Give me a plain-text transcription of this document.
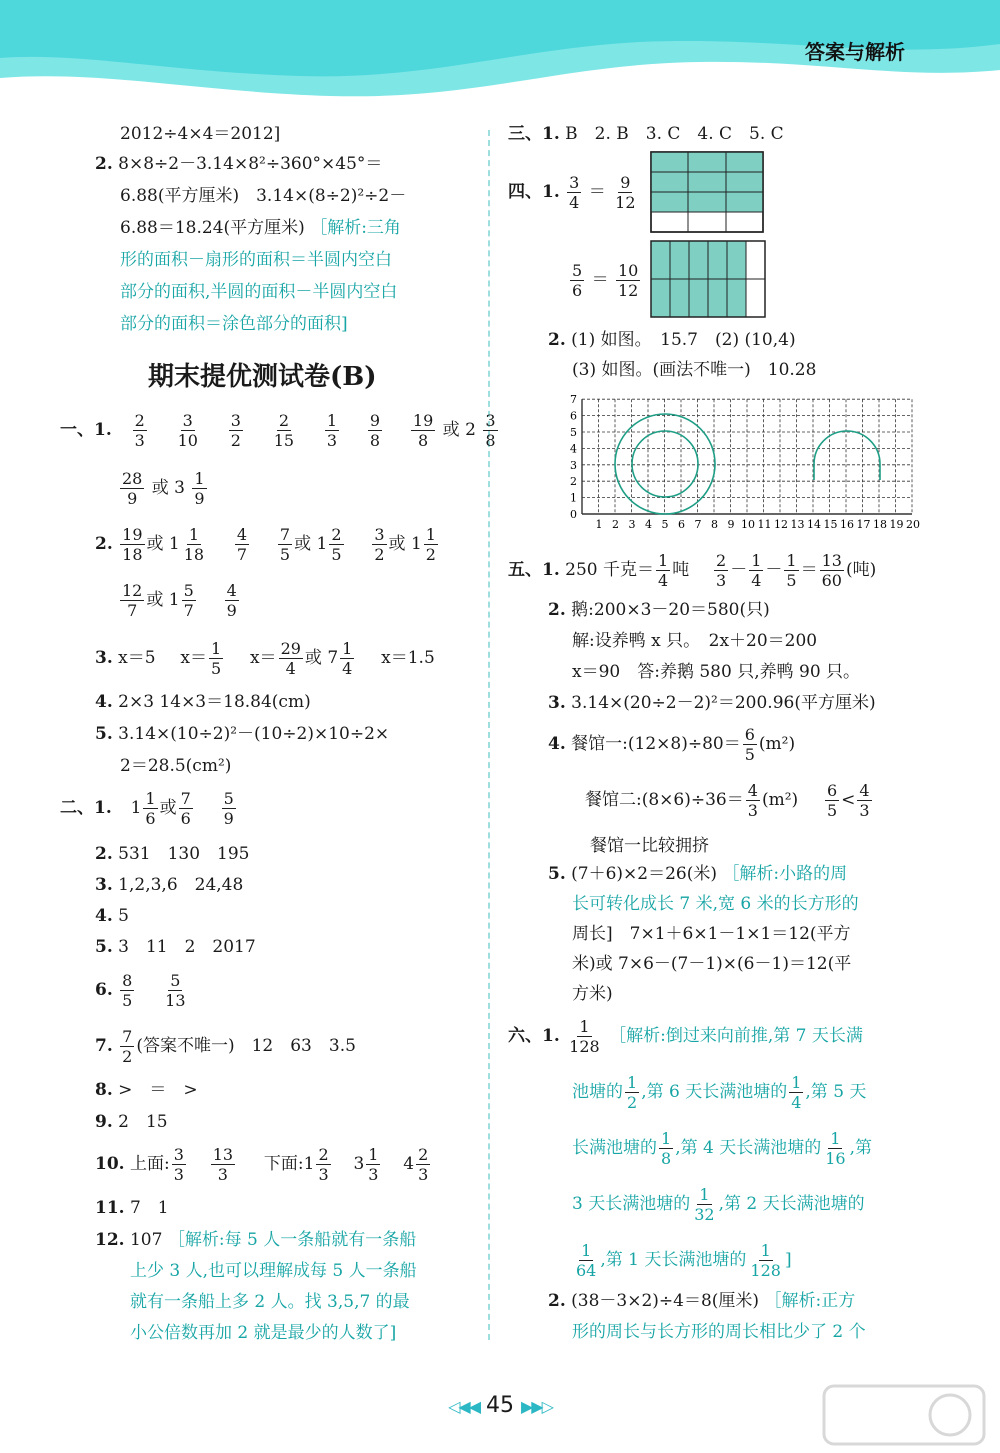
答案与解析
2012÷4×4＝2012]
2. 8×8÷2－3.14×8²÷360°×45°＝
6.88(平方厘米)　3.14×(8÷2)²÷2－
6.88＝18.24(平方厘米) ［解析:三角
形的面积－扇形的面积＝半圆内空白
部分的面积,半圆的面积－半圆内空白
部分的面积＝涂色部分的面积]
期末提优测试卷(B)
一、1. $\frac{2}{3}$
$\frac{3}{10}$
$\frac{3}{2}$
$\frac{2}{15}$
$\frac{1}{3}$
$\frac{9}{8}$
$\frac{19}{8}$ 或 $2 \frac{3}{8}$
$\frac{28}{9}$ 或 $3 \frac{1}{9}$
2. $\frac{19}{18}$ 或 $1 \frac{1}{18}$
$\frac{4}{7}$
$\frac{7}{5}$ 或 $1 \frac{2}{5}$
$\frac{3}{2}$ 或 $1 \frac{1}{2}$
$\frac{12}{7}$ 或 $1 \frac{5}{7}$
$\frac{4}{9}$
3. x＝5 $x= \frac{1}{5} x= \frac{29}{4}$ 或 $7 \frac{1}{4} x=1.5$
4. 2×3 14×3＝18.84(cm)
5. 3.14×(10÷2)²－(10÷2)×10÷2×
2＝28.5(cm²)
二、1. $1 \frac{1}{6}$ 或 $\frac{7}{6}$
$\frac{5}{9}$
2. 531　130　195
3. 1,2,3,6　24,48
4. 5
5. 3　11　2　2017
6. $\frac{8}{5}$
$\frac{5}{13}$
7. $\frac{7}{2}$ (答案不唯一)　12　63　3.5
8. >　＝　>
9. 2　15
10. 上面: $\frac{3}{3}$
$\frac{13}{3}$ 下面:1 $\frac{2}{3} 3 \frac{1}{3} 4 \frac{2}{3}$
11. 7　1
12. 107 ［解析:每 5 人一条船就有一条船
上少 3 人,也可以理解成每 5 人一条船
就有一条船上多 2 人。找 3,5,7 的最
小公倍数再加 2 就是最少的人数了]
三、1. B　2. B　3. C　4. C　5. C
四、1. $\frac{3}{4} = \frac{9}{12}$
$\frac{5}{6} = \frac{10}{12}$
2. (1) 如图。　15.7　(2) (10,4)
(3) 如图。(画法不唯一)　10.28
0
1
2
3
4
5
6
7
1 2 3 4 5 6 7 8 9 10 11 12 13 14 15 16 17 18 19 20
五、1. 250 千克＝ $\frac{1}{4}$ 吨 $\frac{2}{3} - \frac{1}{4} - \frac{1}{5} = \frac{13}{60}$ (吨)
2. 鹅:200×3－20＝580(只)
解:设养鸭 x 只。　2x＋20＝200
x＝90　答:养鹅 580 只,养鸭 90 只。
3. 3.14×(20÷2－2)²＝200.96(平方厘米)
4. 餐馆一:(12×8)÷80＝ $\frac{6}{5} (m^2)$
餐馆二:(8×6)÷36＝ $\frac{4}{3} (m^2) \frac{6}{5} < \frac{4}{3}$
餐馆一比较拥挤
5. (7＋6)×2＝26(米) ［解析:小路的周
长可转化成长 7 米,宽 6 米的长方形的
周长]　7×1＋6×1－1×1＝12(平方
米)或 7×6－(7－1)×(6－1)＝12(平
方米)
六、1. $\frac{1}{128}$ ［解析:倒过来向前推,第 7 天长满
池塘的 $\frac{1}{2}$ ,第 6 天长满池塘的 $\frac{1}{4}$ ,第 5 天
长满池塘的 $\frac{1}{8}$ ,第 4 天长满池塘的 $\frac{1}{16}$ ,第
3 天长满池塘的 $\frac{1}{32}$ ,第 2 天长满池塘的
$\frac{1}{64}$ ,第 1 天长满池塘的 $\frac{1}{128}$ ]
2. (38－3×2)÷4＝8(厘米) ［解析:正方
形的周长与长方形的周长相比少了 2 个
◁◀◀ 45 ▶▶▷
